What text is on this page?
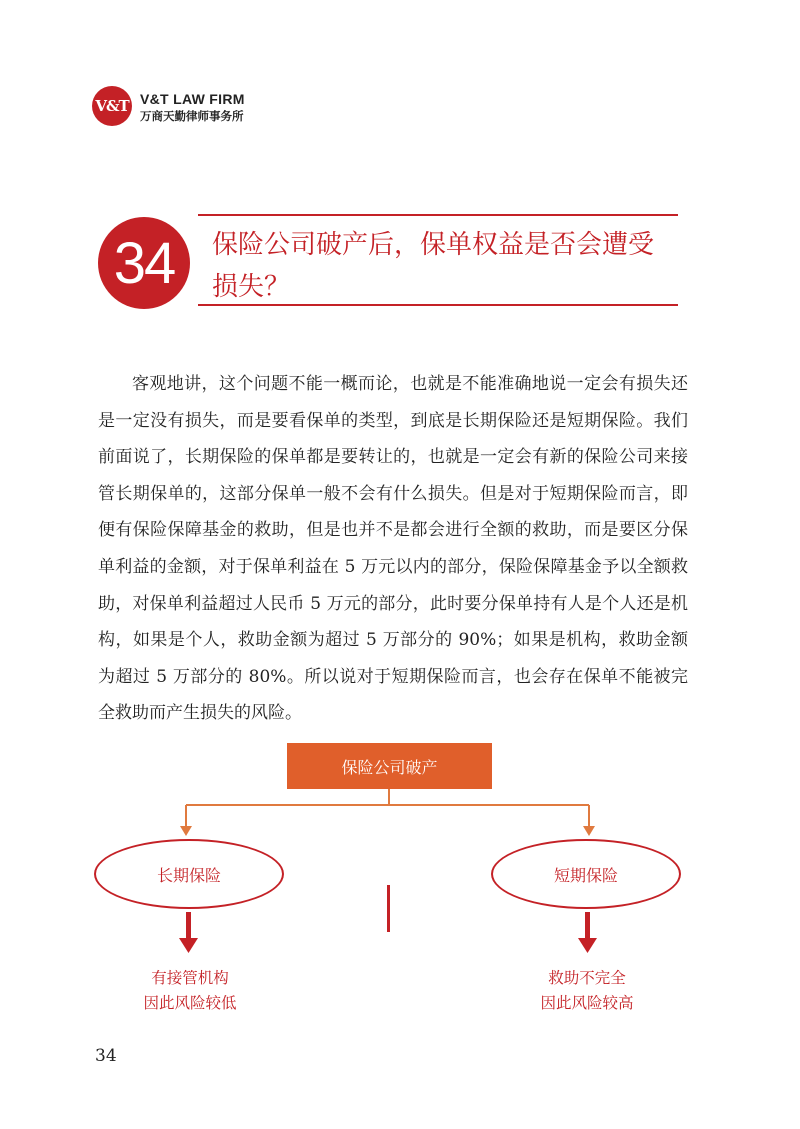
V&T V&T LAW FIRM
万商天勤律师事务所
34	保险公司破产后，保单权益是否会遭受
损失？
客观地讲，这个问题不能一概而论，也就是不能准确地说一定会有损失还是一定没有损失，而是要看保单的类型，到底是长期保险还是短期保险。我们前面说了，长期保险的保单都是要转让的，也就是一定会有新的保险公司来接管长期保单的，这部分保单一般不会有什么损失。但是对于短期保险而言，即便有保险保障基金的救助，但是也并不是都会进行全额的救助，而是要区分保单利益的金额，对于保单利益在 5 万元以内的部分，保险保障基金予以全额救助，对保单利益超过人民币 5 万元的部分，此时要分保单持有人是个人还是机构，如果是个人，救助金额为超过 5 万部分的 90%；如果是机构，救助金额为超过 5 万部分的 80%。所以说对于短期保险而言，也会存在保单不能被完全救助而产生损失的风险。
保险公司破产
长期保险	短期保险
有接管机构
因此风险较低
救助不完全
因此风险较高
34
